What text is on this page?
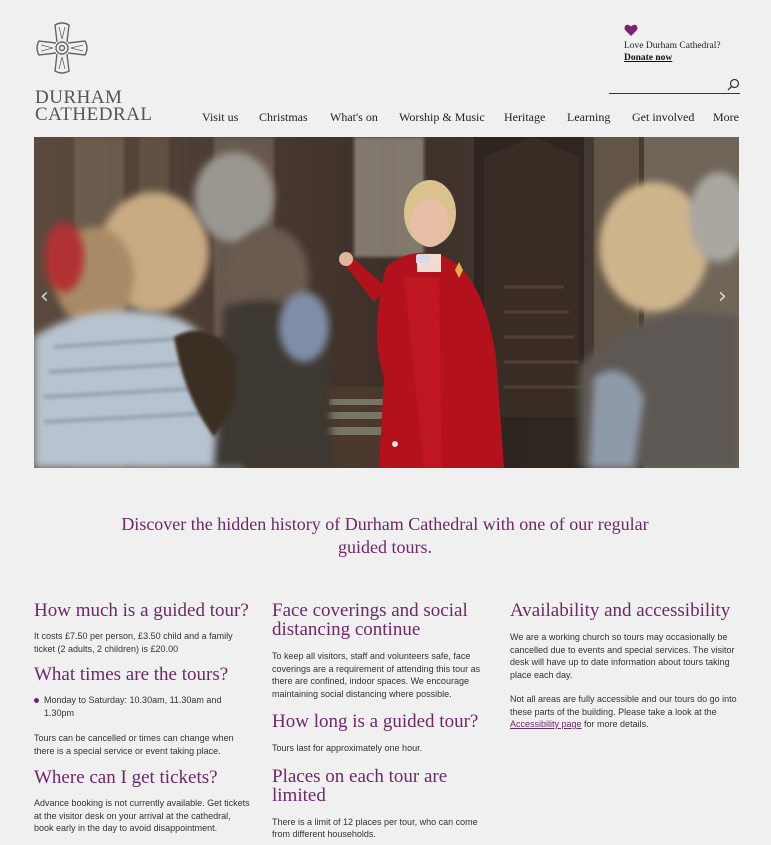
DURHAM
CATHEDRAL
Love Durham Cathedral?
Donate now
Visit us Christmas What's on Worship & Music Heritage Learning Get involved More
‹	›

Discover the hidden history of Durham Cathedral with one of our regular guided tours.

How much is a guided tour?

It costs £7.50 per person, £3.50 child and a family ticket (2 adults, 2 children) is £20.00

What times are the tours?
Monday to Saturday: 10.30am, 11.30am and 1.30pm

Tours can be cancelled or times can change when there is a special service or event taking place.

Where can I get tickets?

Advance booking is not currently available. Get tickets at the visitor desk on your arrival at the cathedral, book early in the day to avoid disappointment.

Face coverings and social distancing continue

To keep all visitors, staff and volunteers safe, face coverings are a requirement of attending this tour as there are confined, indoor spaces. We encourage maintaining social distancing where possible.

How long is a guided tour?

Tours last for approximately one hour.

Places on each tour are limited

There is a limit of 12 places per tour, who can come from different households.

Availability and accessibility

We are a working church so tours may occasionally be cancelled due to events and special services. The visitor desk will have up to date information about tours taking place each day.

Not all areas are fully accessible and our tours do go into these parts of the building. Please take a look at the Accessibility page for more details.
